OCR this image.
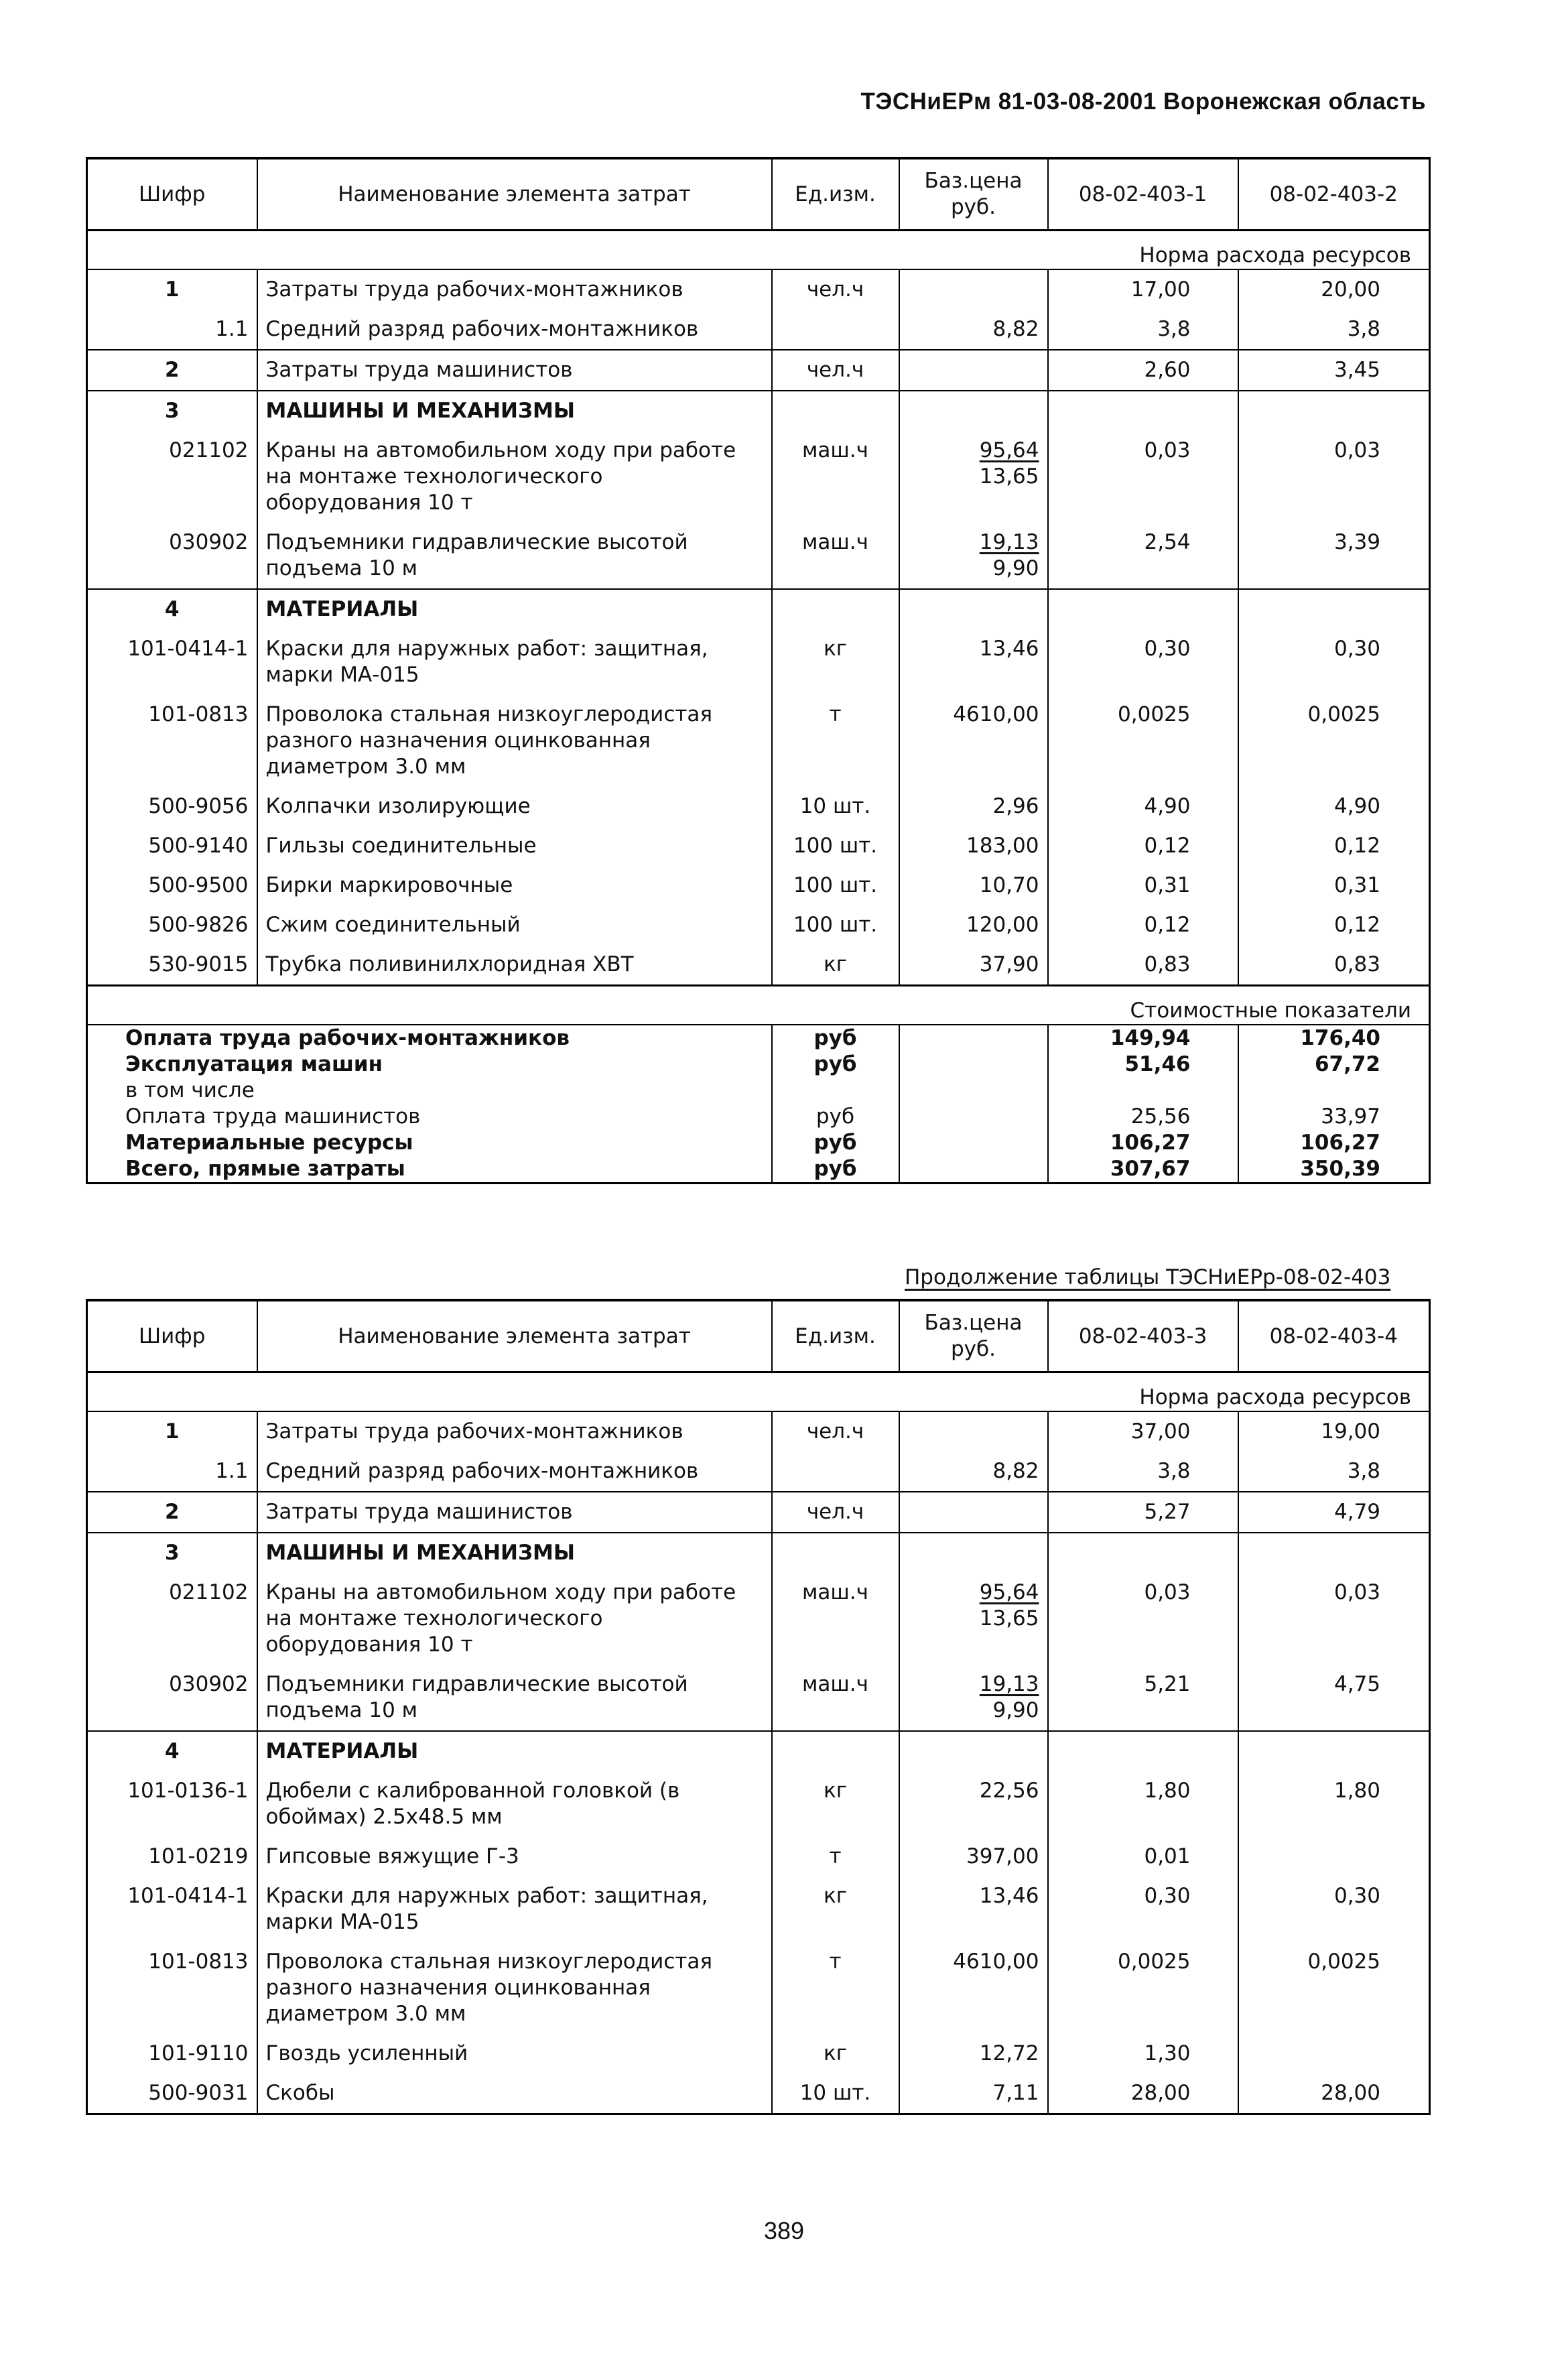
ТЭСНиЕРм 81-03-08-2001 Воронежская область
Шифр	Наименование элемента затрат	Ед.изм.	Баз.цена руб.	08-02-403-1	08-02-403-2
				Норма расхода ресурсов	

1	Затраты труда рабочих-монтажников	чел.ч		17,00	20,00

1.1	Средний разряд рабочих-монтажников		8,82	3,8	3,8

2	Затраты труда машинистов	чел.ч		2,60	3,45

3	МАШИНЫ И МЕХАНИЗМЫ				

021102	Краны на автомобильном ходу при работе на монтаже технологического оборудования 10 т	маш.ч	95,64
13,65	0,03	0,03

030902	Подъемники гидравлические высотой подъема 10 м	маш.ч	19,13
9,90	2,54	3,39

4	МАТЕРИАЛЫ				

101-0414-1	Краски для наружных работ: защитная, марки МА-015	кг	13,46	0,30	0,30

101-0813	Проволока стальная низкоуглеродистая разного назначения оцинкованная диаметром 3.0 мм	т	4610,00	0,0025	0,0025

500-9056	Колпачки изолирующие	10 шт.	2,96	4,90	4,90

500-9140	Гильзы соединительные	100 шт.	183,00	0,12	0,12

500-9500	Бирки маркировочные	100 шт.	10,70	0,31	0,31

500-9826	Сжим соединительный	100 шт.	120,00	0,12	0,12

530-9015	Трубка поливинилхлоридная ХВТ	кг	37,90	0,83	0,83

				Стоимостные показатели	
Оплата труда рабочих-монтажников		руб		149,94	176,40
Эксплуатация машин		руб		51,46	67,72
в том числе					
Оплата труда машинистов		руб		25,56	33,97
Материальные ресурсы		руб		106,27	106,27
Всего, прямые затраты		руб		307,67	350,39
Продолжение таблицы ТЭСНиЕРр-08-02-403
Шифр	Наименование элемента затрат	Ед.изм.	Баз.цена руб.	08-02-403-3	08-02-403-4
				Норма расхода ресурсов	

1	Затраты труда рабочих-монтажников	чел.ч		37,00	19,00

1.1	Средний разряд рабочих-монтажников		8,82	3,8	3,8

2	Затраты труда машинистов	чел.ч		5,27	4,79

3	МАШИНЫ И МЕХАНИЗМЫ				

021102	Краны на автомобильном ходу при работе на монтаже технологического оборудования 10 т	маш.ч	95,64
13,65	0,03	0,03

030902	Подъемники гидравлические высотой подъема 10 м	маш.ч	19,13
9,90	5,21	4,75

4	МАТЕРИАЛЫ				

101-0136-1	Дюбели с калиброванной головкой (в обоймах) 2.5х48.5 мм	кг	22,56	1,80	1,80

101-0219	Гипсовые вяжущие Г-3	т	397,00	0,01	

101-0414-1	Краски для наружных работ: защитная, марки МА-015	кг	13,46	0,30	0,30

101-0813	Проволока стальная низкоуглеродистая разного назначения оцинкованная диаметром 3.0 мм	т	4610,00	0,0025	0,0025

101-9110	Гвоздь усиленный	кг	12,72	1,30	

500-9031	Скобы	10 шт.	7,11	28,00	28,00
389
